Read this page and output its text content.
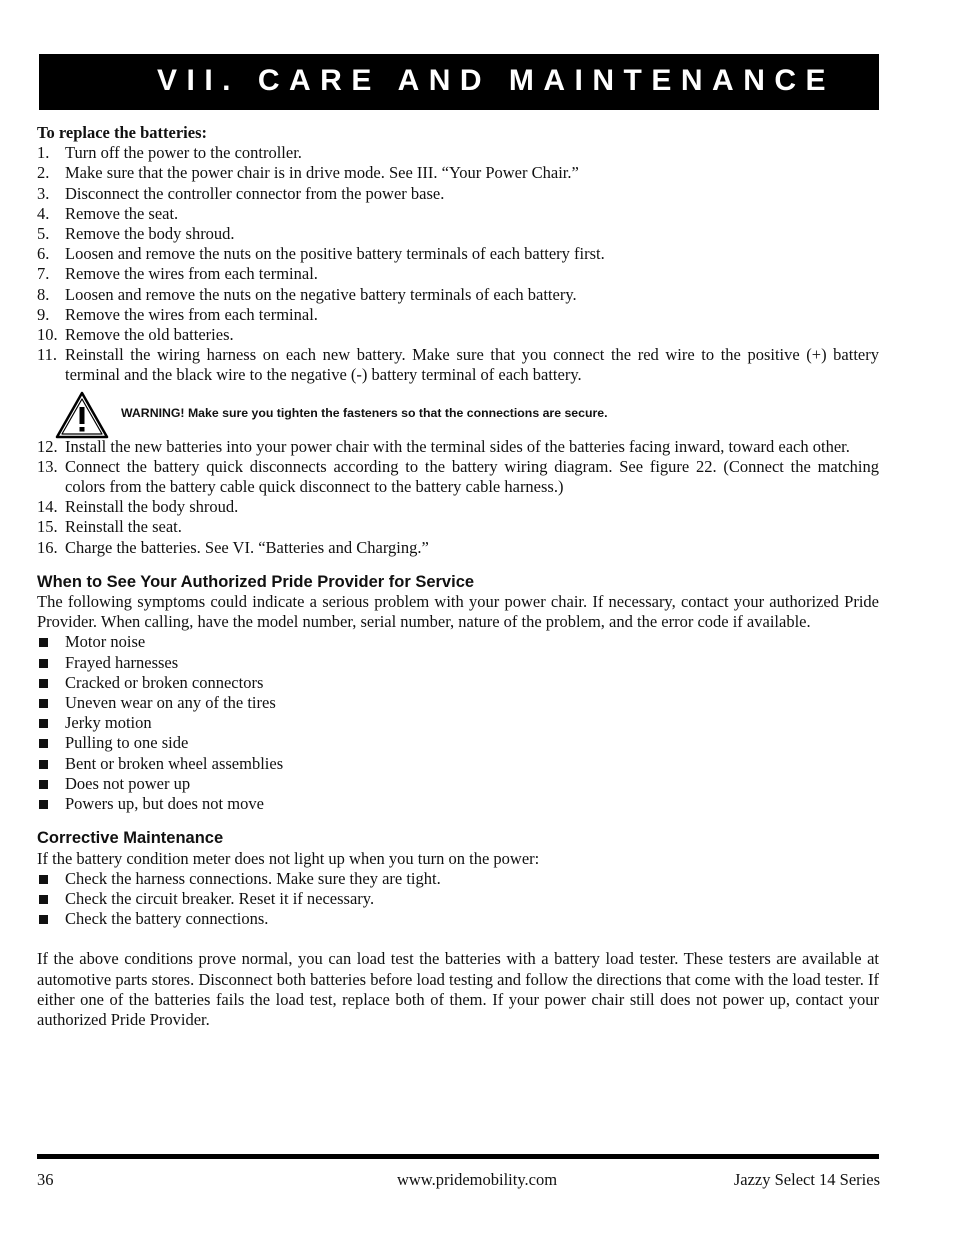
VII. CARE AND MAINTENANCE

To replace the batteries:

1. Turn off the power to the controller.
2. Make sure that the power chair is in drive mode. See III. “Your Power Chair.”
3. Disconnect the controller connector from the power base.
4. Remove the seat.
5. Remove the body shroud.
6. Loosen and remove the nuts on the positive battery terminals of each battery first.
7. Remove the wires from each terminal.
8. Loosen and remove the nuts on the negative battery terminals of each battery.
9. Remove the wires from each terminal.
10. Remove the old batteries.
11. Reinstall the wiring harness on each new battery. Make sure that you connect the red wire to the positive (+) battery terminal and the black wire to the negative (-) battery terminal of each battery.
WARNING! Make sure you tighten the fasteners so that the connections are secure.
12. Install the new batteries into your power chair with the terminal sides of the batteries facing inward, toward each other.
13. Connect the battery quick disconnects according to the battery wiring diagram. See figure 22. (Connect the matching colors from the battery cable quick disconnect to the battery cable harness.)
14. Reinstall the body shroud.
15. Reinstall the seat.
16. Charge the batteries. See VI. “Batteries and Charging.”

When to See Your Authorized Pride Provider for Service

The following symptoms could indicate a serious problem with your power chair. If necessary, contact your authorized Pride Provider. When calling, have the model number, serial number, nature of the problem, and the error code if available.

Motor noise
Frayed harnesses
Cracked or broken connectors
Uneven wear on any of the tires
Jerky motion
Pulling to one side
Bent or broken wheel assemblies
Does not power up
Powers up, but does not move

Corrective Maintenance

If the battery condition meter does not light up when you turn on the power:

Check the harness connections. Make sure they are tight.
Check the circuit breaker. Reset it if necessary.
Check the battery connections.

If the above conditions prove normal, you can load test the batteries with a battery load tester. These testers are available at automotive parts stores. Disconnect both batteries before load testing and follow the directions that come with the load tester. If either one of the batteries fails the load test, replace both of them. If your power chair still does not power up, contact your authorized Pride Provider.

36	www.pridemobility.com	Jazzy Select 14 Series
